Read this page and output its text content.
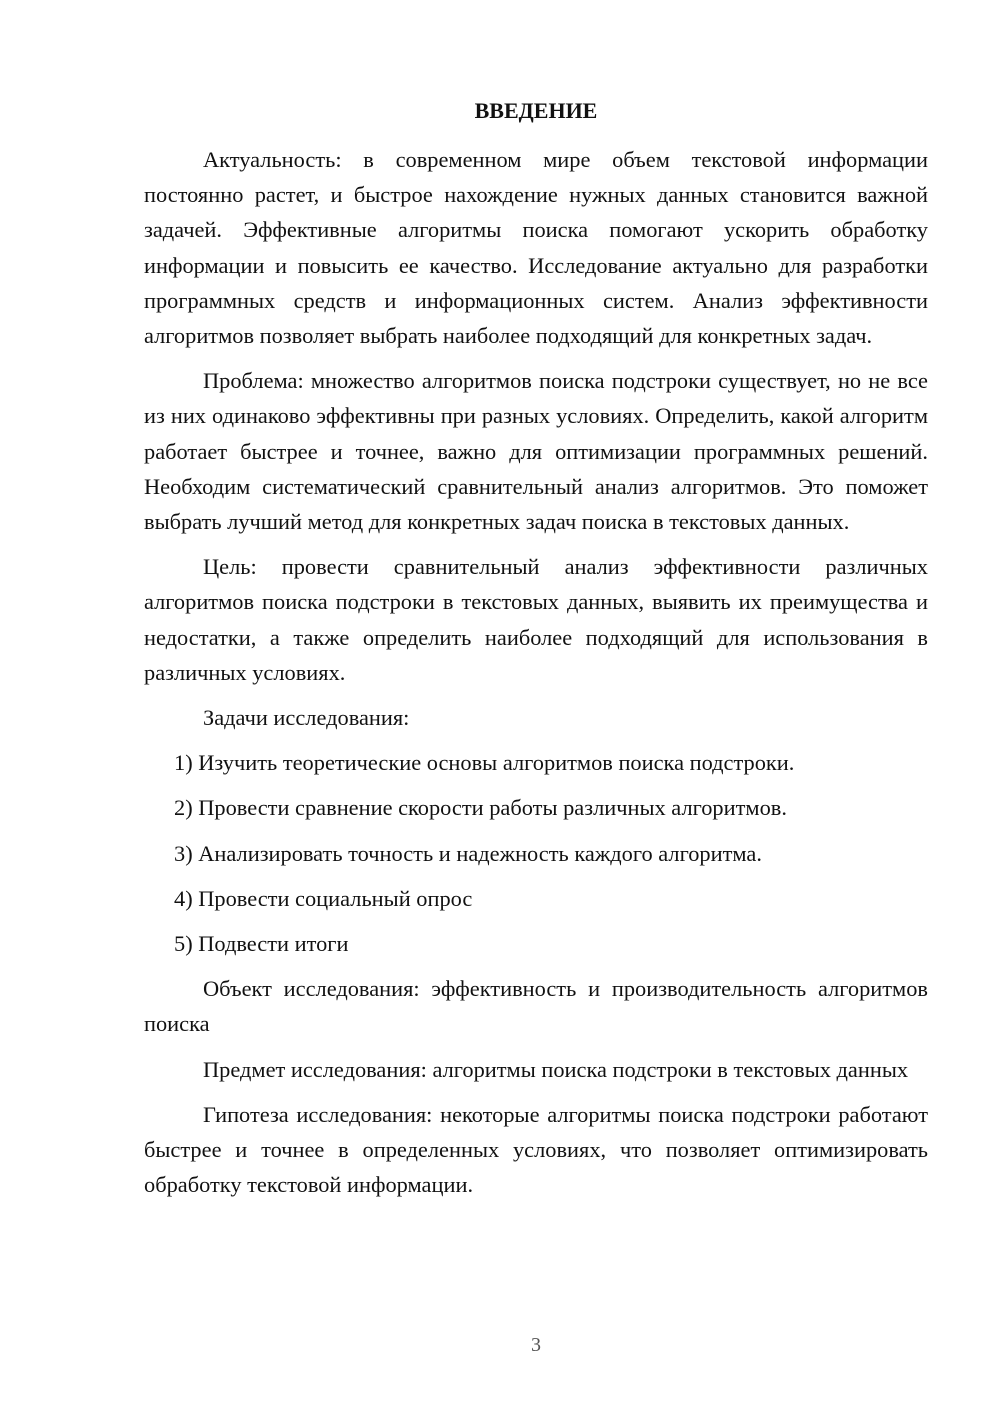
ВВЕДЕНИЕ

Актуальность: в современном мире объем текстовой информации постоянно растет, и быстрое нахождение нужных данных становится важной задачей. Эффективные алгоритмы поиска помогают ускорить обработку информации и повысить ее качество. Исследование актуально для разработки программных средств и информационных систем. Анализ эффективности алгоритмов позволяет выбрать наиболее подходящий для конкретных задач.

Проблема: множество алгоритмов поиска подстроки существует, но не все из них одинаково эффективны при разных условиях. Определить, какой алгоритм работает быстрее и точнее, важно для оптимизации программных решений. Необходим систематический сравнительный анализ алгоритмов. Это поможет выбрать лучший метод для конкретных задач поиска в текстовых данных.

Цель: провести сравнительный анализ эффективности различных алгоритмов поиска подстроки в текстовых данных, выявить их преимущества и недостатки, а также определить наиболее подходящий для использования в различных условиях.

Задачи исследования:

1) Изучить теоретические основы алгоритмов поиска подстроки.

2) Провести сравнение скорости работы различных алгоритмов.

3) Анализировать точность и надежность каждого алгоритма.

4) Провести социальный опрос

5) Подвести итоги

Объект исследования: эффективность и производительность алгоритмов поиска

Предмет исследования: алгоритмы поиска подстроки в текстовых данных

Гипотеза исследования: некоторые алгоритмы поиска подстроки работают быстрее и точнее в определенных условиях, что позволяет оптимизировать обработку текстовой информации.

3
